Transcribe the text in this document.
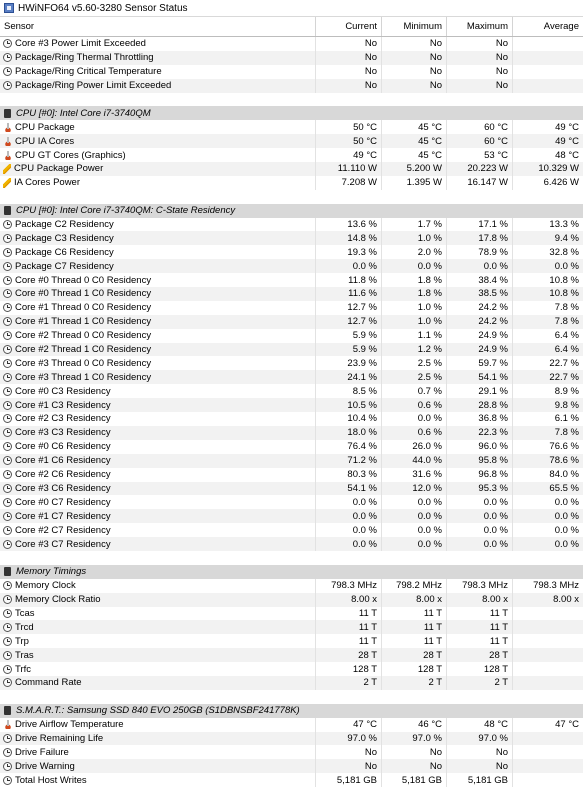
HWiNFO64 v5.60-3280 Sensor Status
Sensor	Current	Minimum	Maximum	Average
Core #3 Power Limit Exceeded	No	No	No
Package/Ring Thermal Throttling	No	No	No
Package/Ring Critical Temperature	No	No	No
Package/Ring Power Limit Exceeded	No	No	No
CPU [#0]: Intel Core i7-3740QM
CPU Package	50 °C	45 °C	60 °C	49 °C
CPU IA Cores	50 °C	45 °C	60 °C	49 °C
CPU GT Cores (Graphics)	49 °C	45 °C	53 °C	48 °C
CPU Package Power	11.110 W	5.200 W	20.223 W	10.329 W
IA Cores Power	7.208 W	1.395 W	16.147 W	6.426 W
CPU [#0]: Intel Core i7-3740QM: C-State Residency
Package C2 Residency	13.6 %	1.7 %	17.1 %	13.3 %
Package C3 Residency	14.8 %	1.0 %	17.8 %	9.4 %
Package C6 Residency	19.3 %	2.0 %	78.9 %	32.8 %
Package C7 Residency	0.0 %	0.0 %	0.0 %	0.0 %
Core #0 Thread 0 C0 Residency	11.8 %	1.8 %	38.4 %	10.8 %
Core #0 Thread 1 C0 Residency	11.6 %	1.8 %	38.5 %	10.8 %
Core #1 Thread 0 C0 Residency	12.7 %	1.0 %	24.2 %	7.8 %
Core #1 Thread 1 C0 Residency	12.7 %	1.0 %	24.2 %	7.8 %
Core #2 Thread 0 C0 Residency	5.9 %	1.1 %	24.9 %	6.4 %
Core #2 Thread 1 C0 Residency	5.9 %	1.2 %	24.9 %	6.4 %
Core #3 Thread 0 C0 Residency	23.9 %	2.5 %	59.7 %	22.7 %
Core #3 Thread 1 C0 Residency	24.1 %	2.5 %	54.1 %	22.7 %
Core #0 C3 Residency	8.5 %	0.7 %	29.1 %	8.9 %
Core #1 C3 Residency	10.5 %	0.6 %	28.8 %	9.8 %
Core #2 C3 Residency	10.4 %	0.0 %	36.8 %	6.1 %
Core #3 C3 Residency	18.0 %	0.6 %	22.3 %	7.8 %
Core #0 C6 Residency	76.4 %	26.0 %	96.0 %	76.6 %
Core #1 C6 Residency	71.2 %	44.0 %	95.8 %	78.6 %
Core #2 C6 Residency	80.3 %	31.6 %	96.8 %	84.0 %
Core #3 C6 Residency	54.1 %	12.0 %	95.3 %	65.5 %
Core #0 C7 Residency	0.0 %	0.0 %	0.0 %	0.0 %
Core #1 C7 Residency	0.0 %	0.0 %	0.0 %	0.0 %
Core #2 C7 Residency	0.0 %	0.0 %	0.0 %	0.0 %
Core #3 C7 Residency	0.0 %	0.0 %	0.0 %	0.0 %
Memory Timings
Memory Clock	798.3 MHz	798.2 MHz	798.3 MHz	798.3 MHz
Memory Clock Ratio	8.00 x	8.00 x	8.00 x	8.00 x
Tcas	11 T	11 T	11 T
Trcd	11 T	11 T	11 T
Trp	11 T	11 T	11 T
Tras	28 T	28 T	28 T
Trfc	128 T	128 T	128 T
Command Rate	2 T	2 T	2 T
S.M.A.R.T.: Samsung SSD 840 EVO 250GB (S1DBNSBF241778K)
Drive Airflow Temperature	47 °C	46 °C	48 °C	47 °C
Drive Remaining Life	97.0 %	97.0 %	97.0 %
Drive Failure	No	No	No
Drive Warning	No	No	No
Total Host Writes	5,181 GB	5,181 GB	5,181 GB
